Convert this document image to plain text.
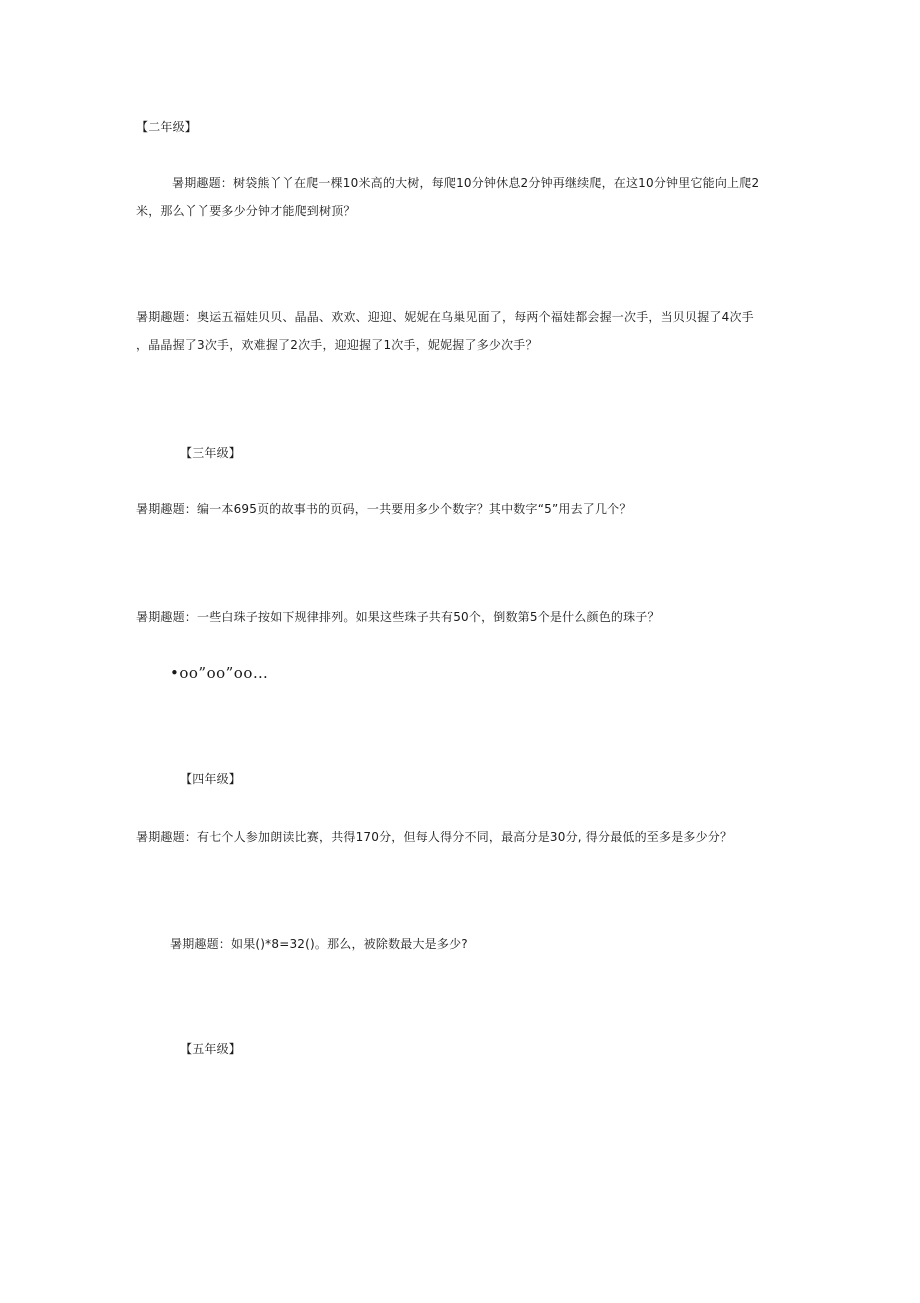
【二年级】
暑期趣题：树袋熊丫丫在爬一棵10米高的大树，每爬10分钟休息2分钟再继续爬，在这10分钟里它能向上爬2
米，那么丫丫要多少分钟才能爬到树顶？
暑期趣题：奥运五福娃贝贝、晶晶、欢欢、迎迎、妮妮在乌巢见面了，每两个福娃都会握一次手，当贝贝握了4次手
，晶晶握了3次手，欢难握了2次手，迎迎握了1次手，妮妮握了多少次手？
【三年级】
暑期趣题：编一本695页的故事书的页码，一共要用多少个数字？其中数字“5”用去了几个？
暑期趣题：一些白珠子按如下规律排列。如果这些珠子共有50个，倒数第5个是什么颜色的珠子？
•oo”oo”oo…
【四年级】
暑期趣题：有七个人参加朗读比赛，共得170分，但每人得分不同，最高分是30分, 得分最低的至多是多少分？
暑期趣题：如果()*8=32()。那么，被除数最大是多少?
【五年级】
